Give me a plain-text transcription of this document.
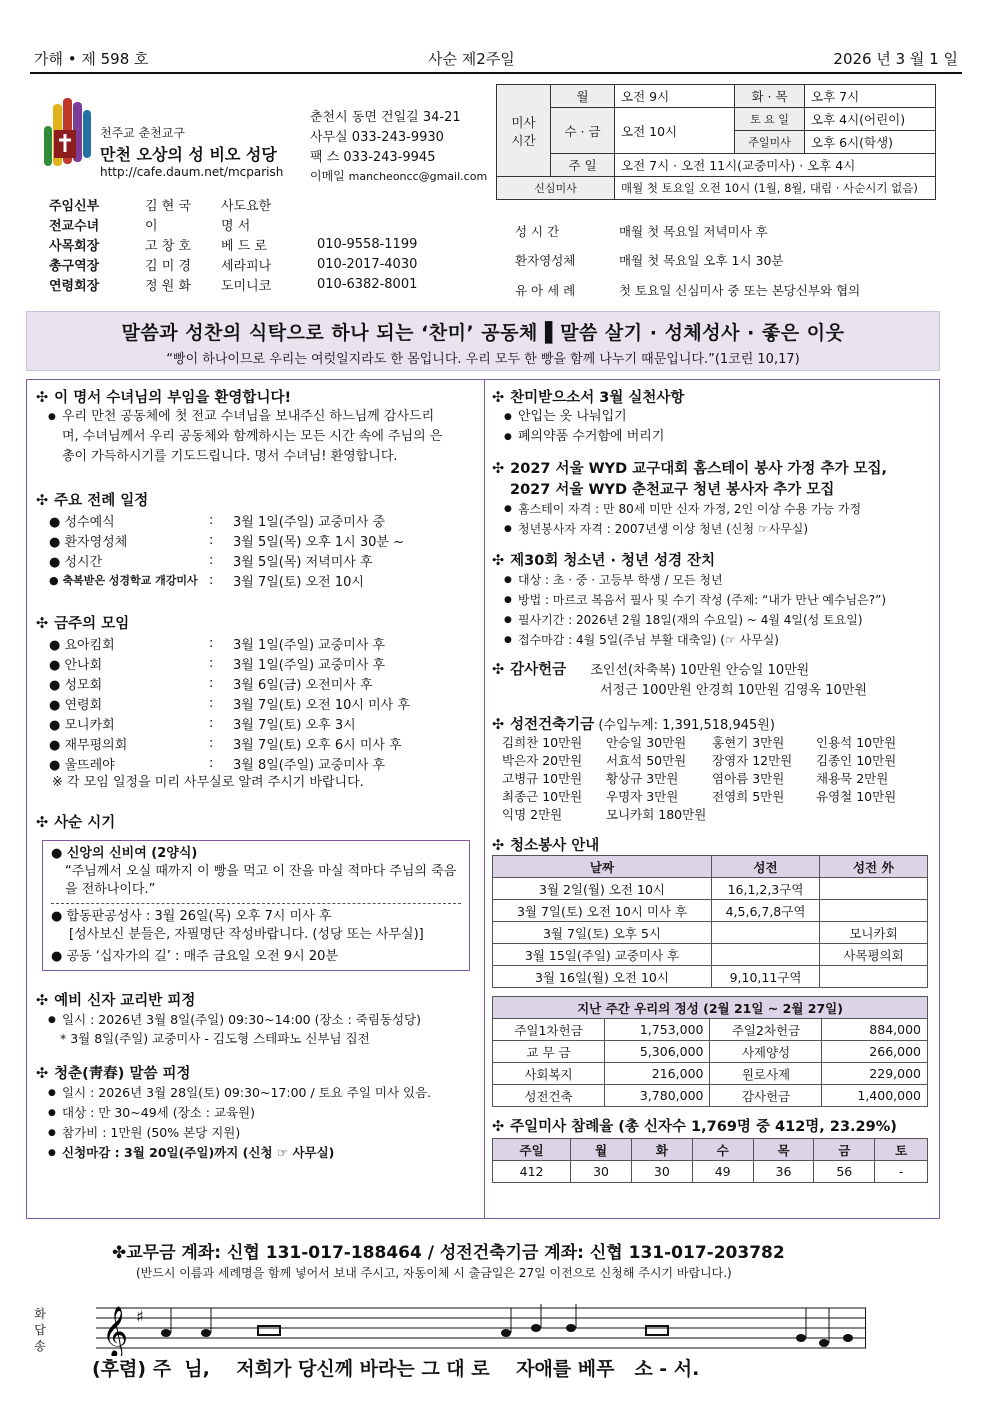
가해 • 제 598 호	사순 제2주일	2026 년 3 월 1 일
천주교 춘천교구
만천 오상의 성 비오 성당
http://cafe.daum.net/mcparish
춘천시 동면 건일길 34-21
사무실 033-243-9930
팩 스 033-243-9945
이메일 mancheoncc@gmail.com
주임신부	김 현 국	사도요한	
전교수녀	이	명 서	
사목회장	고 창 호	베 드 로	010-9558-1199
총구역장	김 미 경	세라피나	010-2017-4030
연령회장	정 원 화	도미니코	010-6382-8001
미사
시간	월	오전 9시	화 · 목	오후 7시
	수 · 금	오전 10시	토 요 일	오후 4시(어린이)
			주일미사	오후 6시(학생)
	주 일	오전 7시 · 오전 11시(교중미사) · 오후 4시		
신심미사		매월 첫 토요일 오전 10시 (1월, 8월, 대림 · 사순시기 없음)		
성 시 간	매월 첫 목요일 저녁미사 후
환자영성체	매월 첫 목요일 오후 1시 30분
유 아 세 례	첫 토요일 신심미사 중 또는 본당신부와 협의
말씀과 성찬의 식탁으로 하나 되는 ‘찬미’ 공동체 ▌말씀 살기 · 성체성사 · 좋은 이웃
“빵이 하나이므로 우리는 여럿일지라도 한 몸입니다. 우리 모두 한 빵을 함께 나누기 때문입니다.”(1코린 10,17)
✣ 이 명서 수녀님의 부임을 환영합니다!
● 우리 만천 공동체에 첫 전교 수녀님을 보내주신 하느님께 감사드리며, 수녀님께서 우리 공동체와 함께하시는 모든 시간 속에 주님의 은총이 가득하시기를 기도드립니다. 명서 수녀님! 환영합니다.
✣ 주요 전례 일정
● 성수예식	:	3월 1일(주일) 교중미사 중
● 환자영성체	:	3월 5일(목) 오후 1시 30분 ~
● 성시간	:	3월 5일(목) 저녁미사 후
● 축복받은 성경학교 개강미사	:	3월 7일(토) 오전 10시
✣ 금주의 모임
● 요아킴회	:	3월 1일(주일) 교중미사 후
● 안나회	:	3월 1일(주일) 교중미사 후
● 성모회	:	3월 6일(금) 오전미사 후
● 연령회	:	3월 7일(토) 오전 10시 미사 후
● 모니카회	:	3월 7일(토) 오후 3시
● 재무평의회	:	3월 7일(토) 오후 6시 미사 후
● 울뜨레야	:	3월 8일(주일) 교중미사 후
※ 각 모임 일정을 미리 사무실로 알려 주시기 바랍니다.
✣ 사순 시기
● 신앙의 신비여 (2양식)
“주님께서 오실 때까지 이 빵을 먹고 이 잔을 마실 적마다 주님의 죽음을 전하나이다.”
● 합동판공성사 : 3월 26일(목) 오후 7시 미사 후
[성사보신 분들은, 자필명단 작성바랍니다. (성당 또는 사무실)]
● 공동 ‘십자가의 길’ : 매주 금요일 오전 9시 20분
✣ 예비 신자 교리반 피정
● 일시 : 2026년 3월 8일(주일) 09:30~14:00 (장소 : 죽림동성당)
* 3월 8일(주일) 교중미사 - 김도형 스테파노 신부님 집전
✣ 청춘(靑春) 말씀 피정
● 일시 : 2026년 3월 28일(토) 09:30~17:00 / 토요 주일 미사 있음.
● 대상 : 만 30~49세 (장소 : 교육원)
● 참가비 : 1만원 (50% 본당 지원)
● 신청마감 : 3월 20일(주일)까지 (신청 ☞ 사무실)
✣ 찬미받으소서 3월 실천사항
● 안입는 옷 나눠입기
● 폐의약품 수거함에 버리기
✣ 2027 서울 WYD 교구대회 홈스테이 봉사 가정 추가 모집,
2027 서울 WYD 춘천교구 청년 봉사자 추가 모집
● 홈스테이 자격 : 만 80세 미만 신자 가정, 2인 이상 수용 가능 가정
● 청년봉사자 자격 : 2007년생 이상 청년 (신청 ☞사무실)
✣ 제30회 청소년 · 청년 성경 잔치
● 대상 : 초 · 중 · 고등부 학생 / 모든 청년
● 방법 : 마르코 복음서 필사 및 수기 작성 (주제: “내가 만난 예수님은?”)
● 필사기간 : 2026년 2월 18일(재의 수요일) ~ 4월 4일(성 토요일)
● 접수마감 : 4월 5일(주님 부활 대축일) (☞ 사무실)
✣ 감사헌금 조인선(차축복) 10만원 안승일 10만원
서정근 100만원 안경희 10만원 김영옥 10만원
✣ 성전건축기금 (수입누계: 1,391,518,945원)
김희찬 10만원	안승일 30만원	홍현기 3만원	인용석 10만원
박은자 20만원	서효석 50만원	장영자 12만원	김종인 10만원
고병규 10만원	황상규 3만원	염아름 3만원	채용묵 2만원
최종근 10만원	우명자 3만원	전영희 5만원	유영철 10만원
익명 2만원	모니카회 180만원		
✣ 청소봉사 안내
날짜	성전	성전 外
3월 2일(월) 오전 10시	16,1,2,3구역	
3월 7일(토) 오전 10시 미사 후	4,5,6,7,8구역	
3월 7일(토) 오후 5시		모니카회
3월 15일(주일) 교중미사 후		사목평의회
3월 16일(월) 오전 10시	9,10,11구역	
지난 주간 우리의 정성 (2월 21일 ~ 2월 27일)			
주일1차헌금	1,753,000	주일2차헌금	884,000
교 무 금	5,306,000	사제양성	266,000
사회복지	216,000	원로사제	229,000
성전건축	3,780,000	감사헌금	1,400,000
✣ 주일미사 참례율 (총 신자수 1,769명 중 412명, 23.29%)
주일	월	화	수	목	금	토
412	30	30	49	36	56	-
✤교무금 계좌: 신협 131-017-188464 / 성전건축기금 계좌: 신협 131-017-203782
(반드시 이름과 세례명을 함께 넣어서 보내 주시고, 자동이체 시 출금일은 27일 이전으로 신청해 주시기 바랍니다.)
화
답
송 𝄞 ♯
(후렴) 주  님,    저희가 당신께 바라는 그 대 로    자애를 베푸   소 - 서.
